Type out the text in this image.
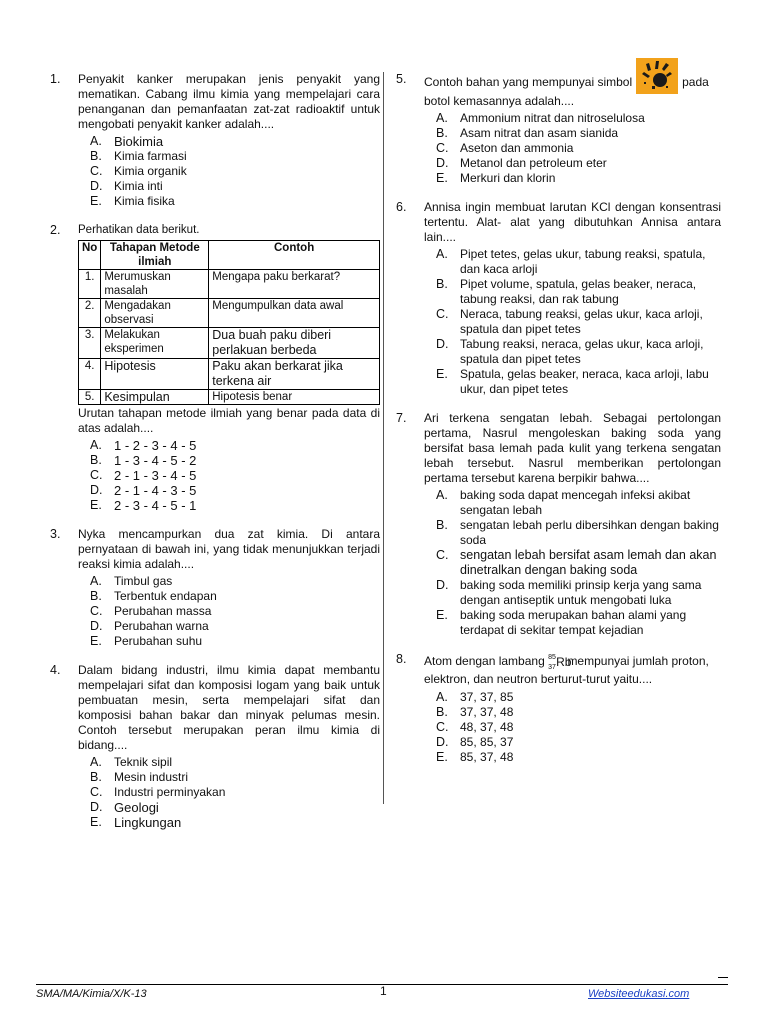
1.	Penyakit kanker merupakan jenis penyakit yang mematikan. Cabang ilmu kimia yang mempelajari cara penanganan dan pemanfaatan zat-zat radioaktif untuk mengobati penyakit kanker adalah....
A. Biokimia
B.	Kimia farmasi
C. Kimia organik
D. Kimia inti
E.	Kimia fisika
2.	Perhatikan data berikut.
No	Tahapan Metode ilmiah	Contoh
1.	Merumuskan masalah	Mengapa paku berkarat?
2.	Mengadakan observasi	Mengumpulkan data awal
3.	Melakukan eksperimen	Dua buah paku diberi perlakuan berbeda
4.	Hipotesis	Paku akan berkarat jika terkena air
5.	Kesimpulan	Hipotesis benar
Urutan tahapan metode ilmiah yang benar pada data di atas adalah....
A. 1 - 2 - 3 - 4 - 5
B. 1 - 3 - 4 - 5 - 2
C. 2 - 1 - 3 - 4 - 5
D. 2 - 1 - 4 - 3 - 5
E. 2 - 3 - 4 - 5 - 1
3.	Nyka mencampurkan dua zat kimia. Di antara pernyataan di bawah ini, yang tidak menunjukkan terjadi reaksi kimia adalah....
A.	Timbul gas
B.	Terbentuk endapan
C. Perubahan massa
D. Perubahan warna
E.	Perubahan suhu
4.	Dalam bidang industri, ilmu kimia dapat membantu mempelajari sifat dan komposisi logam yang baik untuk pembuatan mesin, serta mempelajari sifat dan komposisi bahan bakar dan minyak pelumas mesin. Contoh tersebut merupakan peran ilmu kimia di bidang....
A.	Teknik sipil
B.	Mesin industri
C. Industri perminyakan
D. Geologi
E. Lingkungan
5.	Contoh bahan yang mempunyai simbol	pada botol kemasannya adalah....
A.	Ammonium nitrat dan nitroselulosa
B.	Asam nitrat dan asam sianida
C. Aseton dan ammonia
D. Metanol dan petroleum eter
E.	Merkuri dan klorin
6.	Annisa ingin membuat larutan KCl dengan konsentrasi tertentu. Alat- alat yang dibutuhkan Annisa antara lain....
A.	Pipet tetes, gelas ukur, tabung reaksi, spatula, dan kaca arloji
B.	Pipet volume, spatula, gelas beaker, neraca, tabung reaksi, dan rak tabung
C. Neraca, tabung reaksi, gelas ukur, kaca arloji, spatula dan pipet tetes
D. Tabung reaksi, neraca, gelas ukur, kaca arloji, spatula dan pipet tetes
E.	Spatula, gelas beaker, neraca, kaca arloji, labu ukur, dan pipet tetes
7.	Ari terkena sengatan lebah. Sebagai pertolongan pertama, Nasrul mengoleskan baking soda yang bersifat basa lemah pada kulit yang terkena sengatan lebah tersebut. Nasrul memberikan pertolongan pertama tersebut karena berpikir bahwa....
A.	baking soda dapat mencegah infeksi akibat sengatan lebah
B.	sengatan lebah perlu dibersihkan dengan baking soda
C. sengatan lebah bersifat asam lemah dan akan dinetralkan dengan baking soda
D. baking soda memiliki prinsip kerja yang sama dengan antiseptik untuk mengobati luka
E.	baking soda merupakan bahan alami yang terdapat di sekitar tempat kejadian
8.	Atom dengan lambang 85
37 Rb
mempunyai jumlah proton, elektron, dan neutron berturut-turut yaitu....
A.	37, 37, 85
B.	37, 37, 48
C. 48, 37, 48
D. 85, 85, 37
E.	85, 37, 48
SMA/MA/Kimia/X/K-13	1	Websiteedukasi.com
